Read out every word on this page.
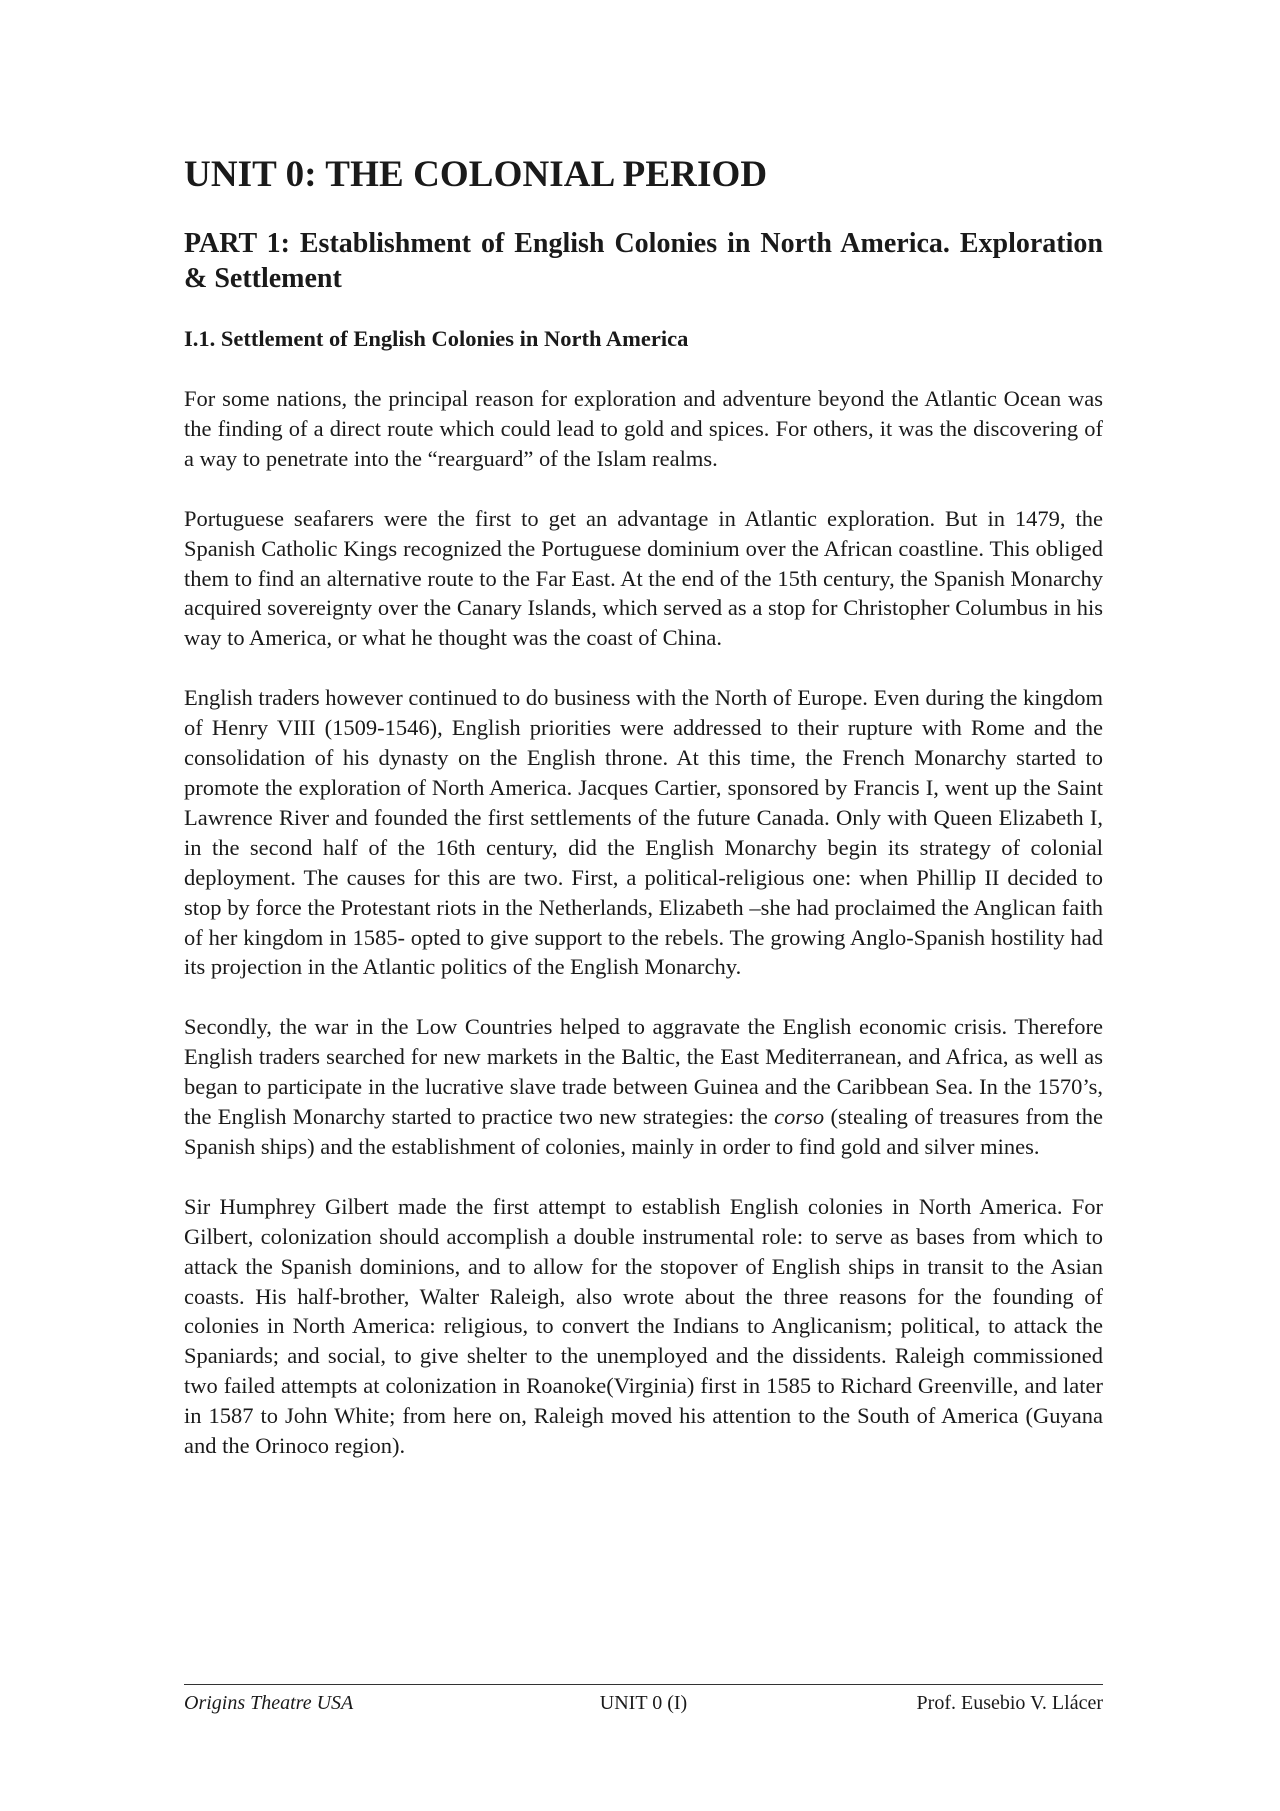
UNIT 0: THE COLONIAL PERIOD
PART 1: Establishment of English Colonies in North America. Exploration & Settlement
I.1. Settlement of English Colonies in North America

For some nations, the principal reason for exploration and adventure beyond the Atlantic Ocean was the finding of a direct route which could lead to gold and spices. For others, it was the discovering of a way to penetrate into the “rearguard” of the Islam realms.

Portuguese seafarers were the first to get an advantage in Atlantic exploration. But in 1479, the Spanish Catholic Kings recognized the Portuguese dominium over the African coastline. This obliged them to find an alternative route to the Far East. At the end of the 15th century, the Spanish Monarchy acquired sovereignty over the Canary Islands, which served as a stop for Christopher Columbus in his way to America, or what he thought was the coast of China.

English traders however continued to do business with the North of Europe. Even during the kingdom of Henry VIII (1509-1546), English priorities were addressed to their rupture with Rome and the consolidation of his dynasty on the English throne. At this time, the French Monarchy started to promote the exploration of North America. Jacques Cartier, sponsored by Francis I, went up the Saint Lawrence River and founded the first settlements of the future Canada. Only with Queen Elizabeth I, in the second half of the 16th century, did the English Monarchy begin its strategy of colonial deployment. The causes for this are two. First, a political-religious one: when Phillip II decided to stop by force the Protestant riots in the Netherlands, Elizabeth –she had proclaimed the Anglican faith of her kingdom in 1585- opted to give support to the rebels. The growing Anglo-Spanish hostility had its projection in the Atlantic politics of the English Monarchy.

Secondly, the war in the Low Countries helped to aggravate the English economic crisis. Therefore English traders searched for new markets in the Baltic, the East Mediterranean, and Africa, as well as began to participate in the lucrative slave trade between Guinea and the Caribbean Sea. In the 1570’s, the English Monarchy started to practice two new strategies: the corso (stealing of treasures from the Spanish ships) and the establishment of colonies, mainly in order to find gold and silver mines.

Sir Humphrey Gilbert made the first attempt to establish English colonies in North America. For Gilbert, colonization should accomplish a double instrumental role: to serve as bases from which to attack the Spanish dominions, and to allow for the stopover of English ships in transit to the Asian coasts. His half-brother, Walter Raleigh, also wrote about the three reasons for the founding of colonies in North America: religious, to convert the Indians to Anglicanism; political, to attack the Spaniards; and social, to give shelter to the unemployed and the dissidents. Raleigh commissioned two failed attempts at colonization in Roanoke(Virginia) first in 1585 to Richard Greenville, and later in 1587 to John White; from here on, Raleigh moved his attention to the South of America (Guyana and the Orinoco region).

Origins Theatre USA	UNIT 0 (I)	Prof. Eusebio V. Llácer
